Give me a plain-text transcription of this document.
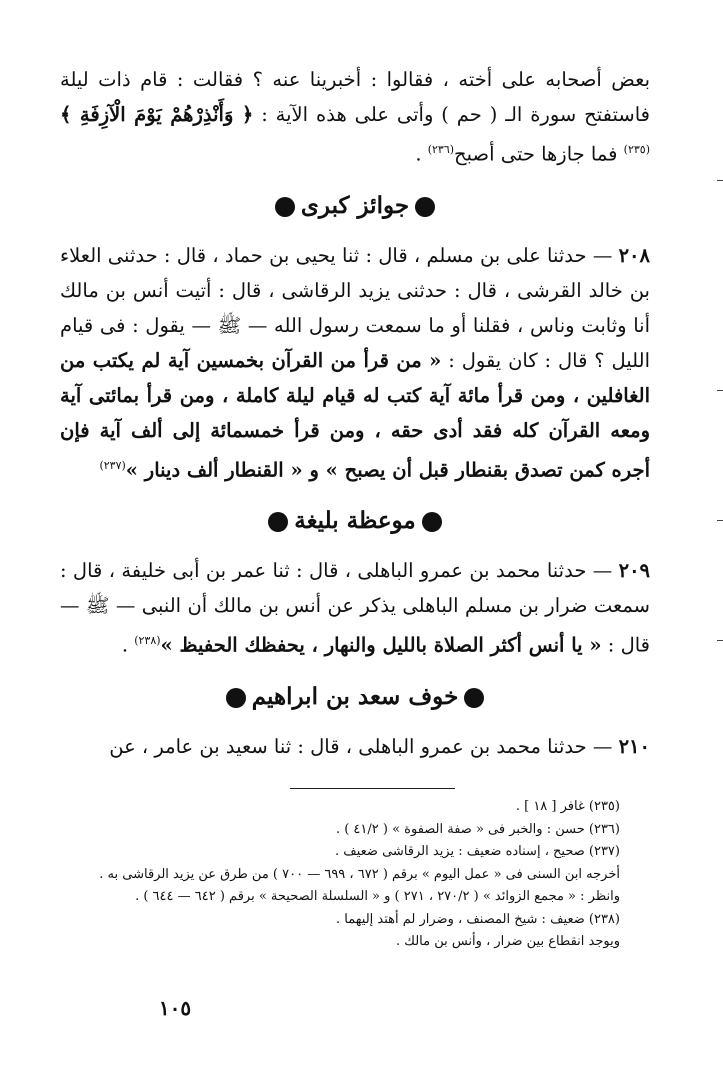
بعض أصحابه على أخته ، فقالوا : أخبرينا عنه ؟ فقالت : قام ذات ليلة فاستفتح سورة الـ ( حم ) وأتى على هذه الآية : ﴿ وَأَنْذِرْهُمْ يَوْمَ الْآزِفَةِ ﴾$^{(٢٣٥)}$ فما جازها حتى أصبح$^{(٢٣٦)}$ .

جوائز كبرى

٢٠٨ — حدثنا على بن مسلم ، قال : ثنا يحيى بن حماد ، قال : حدثنى العلاء بن خالد القرشى ، قال : حدثنى يزيد الرقاشى ، قال : أتيت أنس بن مالك أنا وثابت وناس ، فقلنا أو ما سمعت رسول الله — ﷺ — يقول : فى قيام الليل ؟ قال : كان يقول : « من قرأ من القرآن بخمسين آية لم يكتب من الغافلين ، ومن قرأ مائة آية كتب له قيام ليلة كاملة ، ومن قرأ بمائتى آية ومعه القرآن كله فقد أدى حقه ، ومن قرأ خمسمائة إلى ألف آية فإن أجره كمن تصدق بقنطار قبل أن يصبح » و « القنطار ألف دينار »$^{(٢٣٧)}$

موعظة بليغة

٢٠٩ — حدثنا محمد بن عمرو الباهلى ، قال : ثنا عمر بن أبى خليفة ، قال : سمعت ضرار بن مسلم الباهلى يذكر عن أنس بن مالك أن النبى — ﷺ — قال : « يا أنس أكثر الصلاة بالليل والنهار ، يحفظك الحفيظ »$^{(٢٣٨)}$ .

خوف سعد بن ابراهيم

٢١٠ — حدثنا محمد بن عمرو الباهلى ، قال : ثنا سعيد بن عامر ، عن

(٢٣٥) غافر [ ١٨ ] .

(٢٣٦) حسن : والخبر فى « صفة الصفوة » ( ٤١/٢ ) .

(٢٣٧) صحيح ، إسناده ضعيف : يزيد الرقاشى ضعيف .

أخرجه ابن السنى فى « عمل اليوم » برقم ( ٦٧٢ ، ٦٩٩ — ٧٠٠ ) من طرق عن يزيد الرقاشى به .

وانظر : « مجمع الزوائد » ( ٢٧٠/٢ ، ٢٧١ ) و « السلسلة الصحيحة » برقم ( ٦٤٢ — ٦٤٤ ) .

(٢٣٨) ضعيف : شيخ المصنف ، وضرار لم أهتد إليهما .

ويوجد انقطاع بين ضرار ، وأنس بن مالك .

١٠٥
